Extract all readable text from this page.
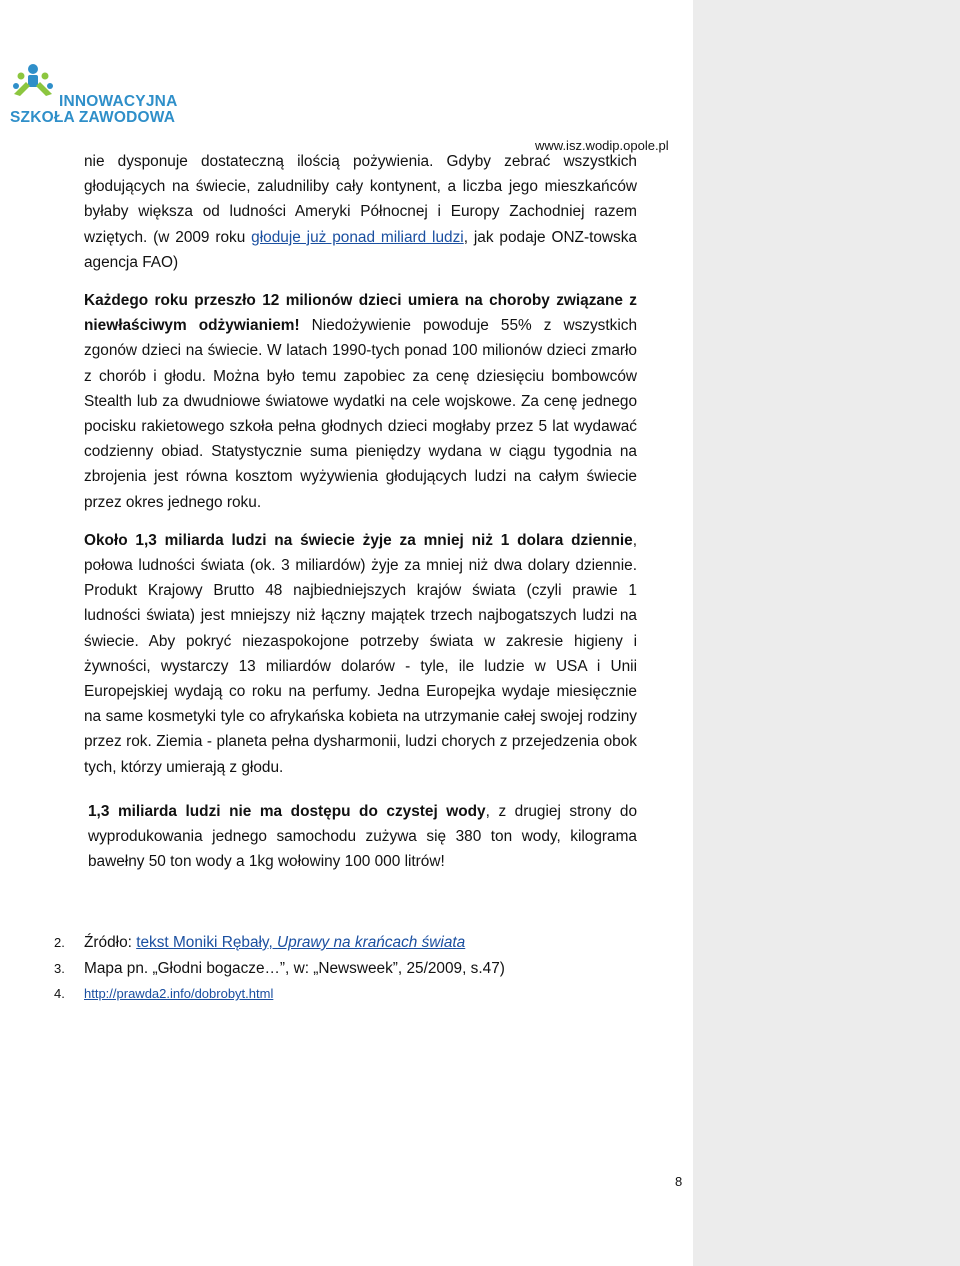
INNOWACYJNA
SZKOŁA ZAWODOWA
www.isz.wodip.opole.pl

nie dysponuje dostateczną ilością pożywienia. Gdyby zebrać wszystkich głodujących na świecie, zaludniliby cały kontynent, a liczba jego mieszkańców byłaby większa od ludności Ameryki Północnej i Europy Zachodniej razem wziętych. (w 2009 roku głoduje już ponad miliard ludzi, jak podaje ONZ-towska agencja FAO)

Każdego roku przeszło 12 milionów dzieci umiera na choroby związane z niewłaściwym odżywianiem! Niedożywienie powoduje 55% z wszystkich zgonów dzieci na świecie. W latach 1990-tych ponad 100 milionów dzieci zmarło z chorób i głodu. Można było temu zapobiec za cenę dziesięciu bombowców Stealth lub za dwudniowe światowe wydatki na cele wojskowe. Za cenę jednego pocisku rakietowego szkoła pełna głodnych dzieci mogłaby przez 5 lat wydawać codzienny obiad. Statystycznie suma pieniędzy wydana w ciągu tygodnia na zbrojenia jest równa kosztom wyżywienia głodujących ludzi na całym świecie przez okres jednego roku.

Około 1,3 miliarda ludzi na świecie żyje za mniej niż 1 dolara dziennie, połowa ludności świata (ok. 3 miliardów) żyje za mniej niż dwa dolary dziennie. Produkt Krajowy Brutto 48 najbiedniejszych krajów świata (czyli prawie 1 ludności świata) jest mniejszy niż łączny majątek trzech najbogatszych ludzi na świecie. Aby pokryć niezaspokojone potrzeby świata w zakresie higieny i żywności, wystarczy 13 miliardów dolarów - tyle, ile ludzie w USA i Unii Europejskiej wydają co roku na perfumy. Jedna Europejka wydaje miesięcznie na same kosmetyki tyle co afrykańska kobieta na utrzymanie całej swojej rodziny przez rok. Ziemia - planeta pełna dysharmonii, ludzi chorych z przejedzenia obok tych, którzy umierają z głodu.

1,3 miliarda ludzi nie ma dostępu do czystej wody, z drugiej strony do wyprodukowania jednego samochodu zużywa się 380 ton wody, kilograma bawełny 50 ton wody a 1kg wołowiny 100 000 litrów!

2.	Źródło: tekst Moniki Rębały, Uprawy na krańcach świata
3.	Mapa pn. „Głodni bogacze…”, w: „Newsweek”, 25/2009, s.47)
4.	http://prawda2.info/dobrobyt.html
8
